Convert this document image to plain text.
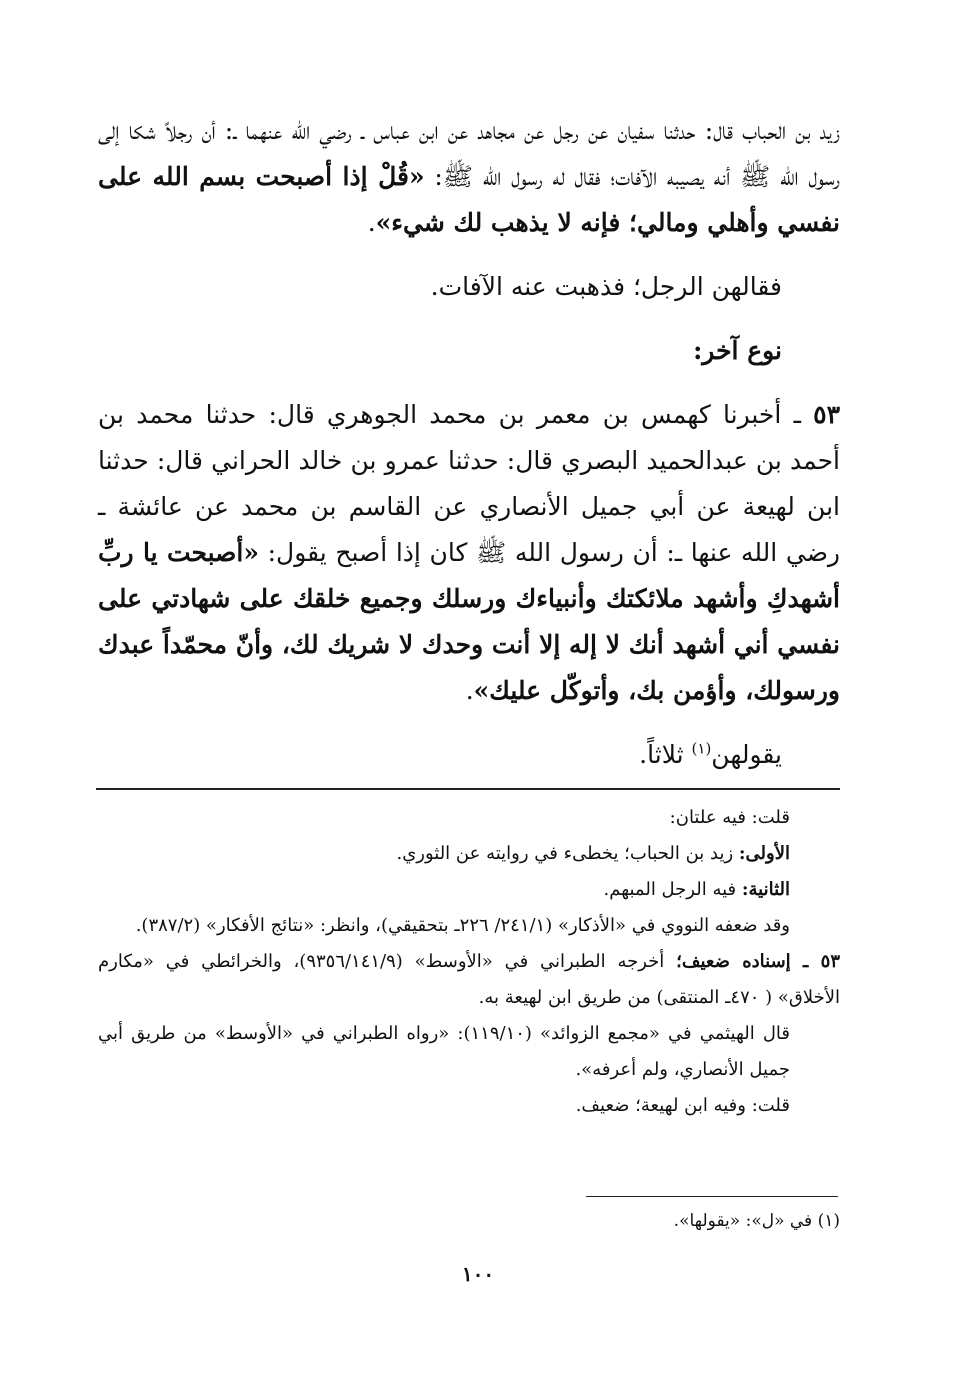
زيد بن الحباب قال: حدثنا سفيان عن رجل عن مجاهد عن ابن عباس ـ رضي الله عنهما ـ: أن رجلاً شكا إلى رسول الله ﷺ أنه يصيبه الآفات؛ فقال له رسول الله ﷺ: «قُلْ إذا أصبحت بسم الله على نفسي وأهلي ومالي؛ فإنه لا يذهب لك شيء».

فقالهن الرجل؛ فذهبت عنه الآفات.

نوع آخر:

٥٣ ـ أخبرنا كهمس بن معمر بن محمد الجوهري قال: حدثنا محمد بن أحمد بن عبدالحميد البصري قال: حدثنا عمرو بن خالد الحراني قال: حدثنا ابن لهيعة عن أبي جميل الأنصاري عن القاسم بن محمد عن عائشة ـ رضي الله عنها ـ: أن رسول الله ﷺ كان إذا أصبح يقول: «أصبحت يا ربِّ أشهدكِ وأشهد ملائكتك وأنبياءك ورسلك وجميع خلقك على شهادتي على نفسي أني أشهد أنك لا إله إلا أنت وحدك لا شريك لك، وأنّ محمّداً عبدك ورسولك، وأؤمن بك، وأتوكّل عليك».

يقولهن$^{(١)}$ ثلاثاً.

قلت: فيه علتان:

الأولى: زيد بن الحباب؛ يخطىء في روايته عن الثوري.

الثانية: فيه الرجل المبهم.

وقد ضعفه النووي في «الأذكار» (٢٤١/١/ ٢٢٦ـ بتحقيقي)، وانظر: «نتائج الأفكار» (٣٨٧/٢).

٥٣ ـ إسناده ضعيف؛ أخرجه الطبراني في «الأوسط» (٩٣٥٦/١٤١/٩)، والخرائطي في «مكارم الأخلاق» ( ٤٧٠ـ المنتقى) من طريق ابن لهيعة به.

قال الهيثمي في «مجمع الزوائد» (١١٩/١٠): «رواه الطبراني في «الأوسط» من طريق أبي جميل الأنصاري، ولم أعرفه».

قلت: وفيه ابن لهيعة؛ ضعيف.

(١) في «ل»: «يقولها».
١٠٠
